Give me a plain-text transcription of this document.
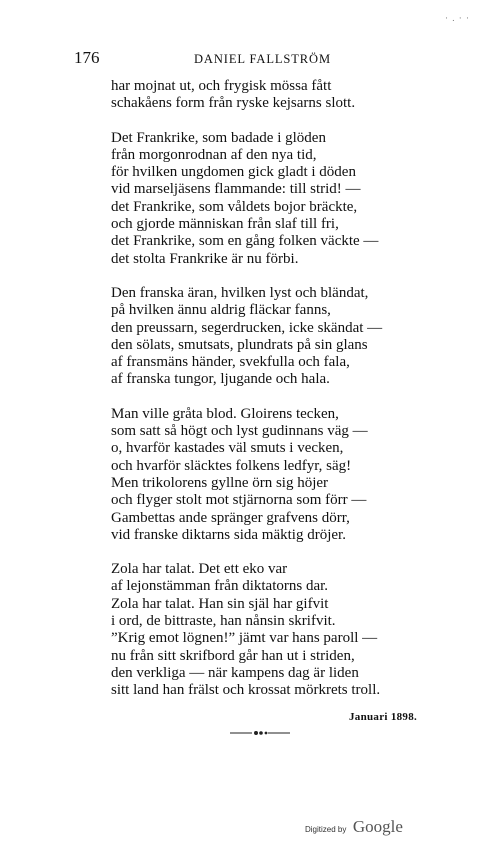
· . · ·
176	DANIEL FALLSTRÖM
har mojnat ut, och frygisk mössa fått
schakåens form från ryske kejsarns slott.
Det Frankrike, som badade i glöden
från morgonrodnan af den nya tid,
för hvilken ungdomen gick gladt i döden
vid marseljäsens flammande: till strid! —
det Frankrike, som våldets bojor bräckte,
och gjorde människan från slaf till fri,
det Frankrike, som en gång folken väckte —
det stolta Frankrike är nu förbi.
Den franska äran, hvilken lyst och bländat,
på hvilken ännu aldrig fläckar fanns,
den preussarn, segerdrucken, icke skändat —
den sölats, smutsats, plundrats på sin glans
af fransmäns händer, svekfulla och fala,
af franska tungor, ljugande och hala.
Man ville gråta blod. Gloirens tecken,
som satt så högt och lyst gudinnans väg —
o, hvarför kastades väl smuts i vecken,
och hvarför släcktes folkens ledfyr, säg!
Men trikolorens gyllne örn sig höjer
och flyger stolt mot stjärnorna som förr —
Gambettas ande spränger grafvens dörr,
vid franske diktarns sida mäktig dröjer.
Zola har talat. Det ett eko var
af lejonstämman från diktatorns dar.
Zola har talat. Han sin själ har gifvit
i ord, de bittraste, han nånsin skrifvit.
”Krig emot lögnen!” jämt var hans paroll —
nu från sitt skrifbord går han ut i striden,
den verkliga — när kampens dag är liden
sitt land han frälst och krossat mörkrets troll.
Januari 1898.
Digitized by Google
